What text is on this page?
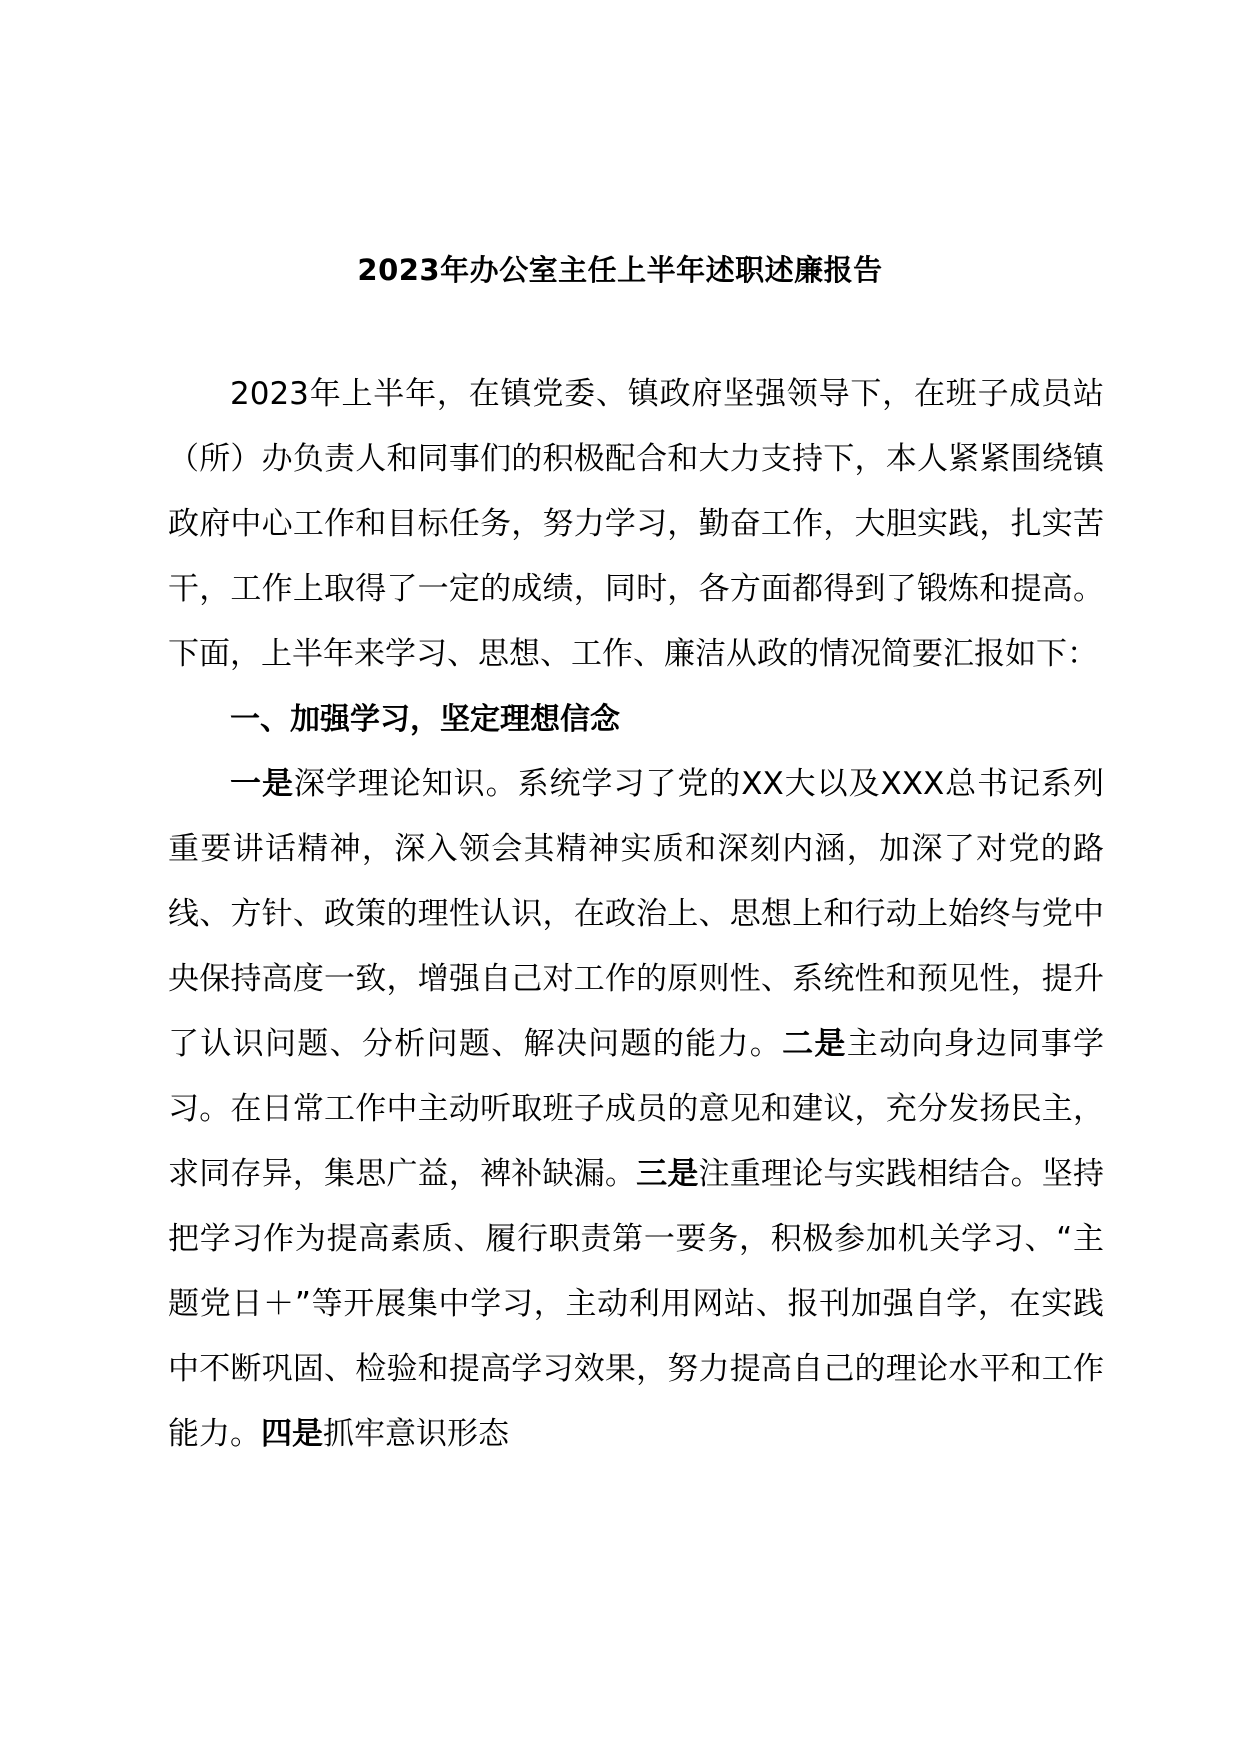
2023年办公室主任上半年述职述廉报告

2023年上半年，在镇党委、镇政府坚强领导下，在班子成员站（所）办负责人和同事们的积极配合和大力支持下，本人紧紧围绕镇政府中心工作和目标任务，努力学习，勤奋工作，大胆实践，扎实苦干，工作上取得了一定的成绩，同时，各方面都得到了锻炼和提高。下面，上半年来学习、思想、工作、廉洁从政的情况简要汇报如下：

一、加强学习，坚定理想信念

一是深学理论知识。系统学习了党的XX大以及XXX总书记系列重要讲话精神，深入领会其精神实质和深刻内涵，加深了对党的路线、方针、政策的理性认识，在政治上、思想上和行动上始终与党中央保持高度一致，增强自己对工作的原则性、系统性和预见性，提升了认识问题、分析问题、解决问题的能力。二是主动向身边同事学习。在日常工作中主动听取班子成员的意见和建议，充分发扬民主，求同存异，集思广益，裨补缺漏。三是注重理论与实践相结合。坚持把学习作为提高素质、履行职责第一要务，积极参加机关学习、“主题党日＋”等开展集中学习，主动利用网站、报刊加强自学，在实践中不断巩固、检验和提高学习效果，努力提高自己的理论水平和工作能力。四是抓牢意识形态
